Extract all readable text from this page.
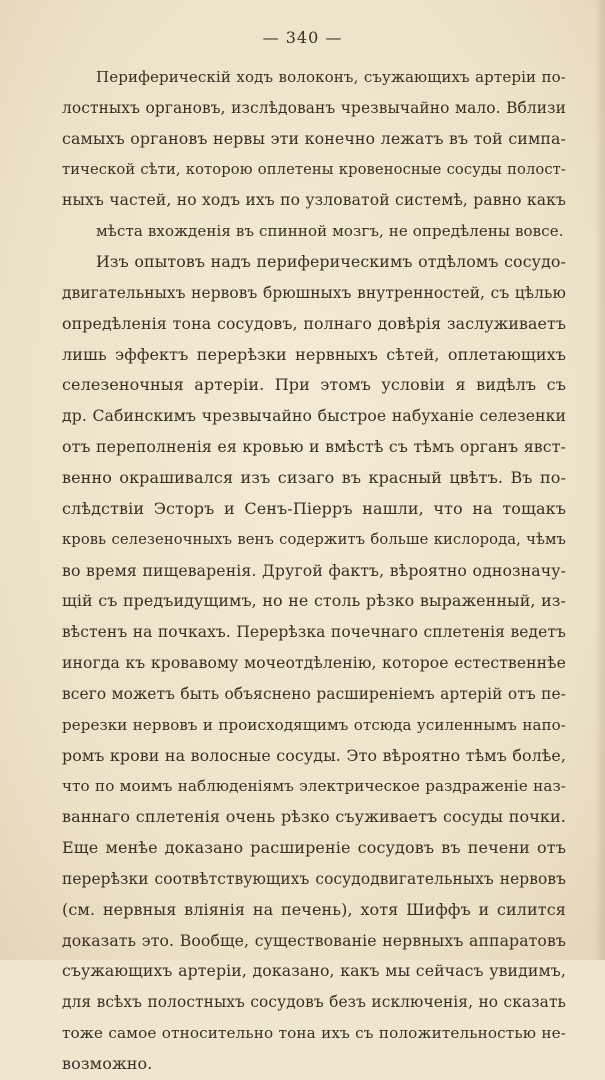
— 340 —
Периферическій ходъ волоконъ, съужающихъ артеріи по-
лостныхъ органовъ, изслѣдованъ чрезвычайно мало. Вблизи
самыхъ органовъ нервы эти конечно лежатъ въ той симпа-
тической сѣти, которою оплетены кровеносные сосуды полост-
ныхъ частей, но ходъ ихъ по узловатой системѣ, равно какъ
мѣста вхожденія въ спинной мозгъ, не опредѣлены вовсе.
Изъ опытовъ надъ периферическимъ отдѣломъ сосудо-
двигательныхъ нервовъ брюшныхъ внутренностей, съ цѣлью
опредѣленія тона сосудовъ, полнаго довѣрія заслуживаетъ
лишь эффектъ перерѣзки нервныхъ сѣтей, оплетающихъ
селезеночныя артеріи. При этомъ условіи я видѣлъ съ
др. Сабинскимъ чрезвычайно быстрое набуханіе селезенки
отъ переполненія ея кровью и вмѣстѣ съ тѣмъ органъ явст-
венно окрашивался изъ сизаго въ красный цвѣтъ. Въ по-
слѣдствіи Эсторъ и Сенъ-Піерръ нашли, что на тощакъ
кровь селезеночныхъ венъ содержитъ больше кислорода, чѣмъ
во время пищеваренія. Другой фактъ, вѣроятно однозначу-
щій съ предъидущимъ, но не столь рѣзко выраженный, из-
вѣстенъ на почкахъ. Перерѣзка почечнаго сплетенія ведетъ
иногда къ кровавому мочеотдѣленію, которое естественнѣе
всего можетъ быть объяснено расширеніемъ артерій отъ пе-
ререзки нервовъ и происходящимъ отсюда усиленнымъ напо-
ромъ крови на волосные сосуды. Это вѣроятно тѣмъ болѣе,
что по моимъ наблюденіямъ электрическое раздраженіе наз-
ваннаго сплетенія очень рѣзко съуживаетъ сосуды почки.
Еще менѣе доказано расширеніе сосудовъ въ печени отъ
перерѣзки соотвѣтствующихъ сосудодвигательныхъ нервовъ
(см. нервныя вліянія на печень), хотя Шиффъ и силится
доказать это. Вообще, существованіе нервныхъ аппаратовъ
съужающихъ артеріи, доказано, какъ мы сейчасъ увидимъ,
для всѣхъ полостныхъ сосудовъ безъ исключенія, но сказать
тоже самое относительно тона ихъ съ положительностью не-
возможно.
